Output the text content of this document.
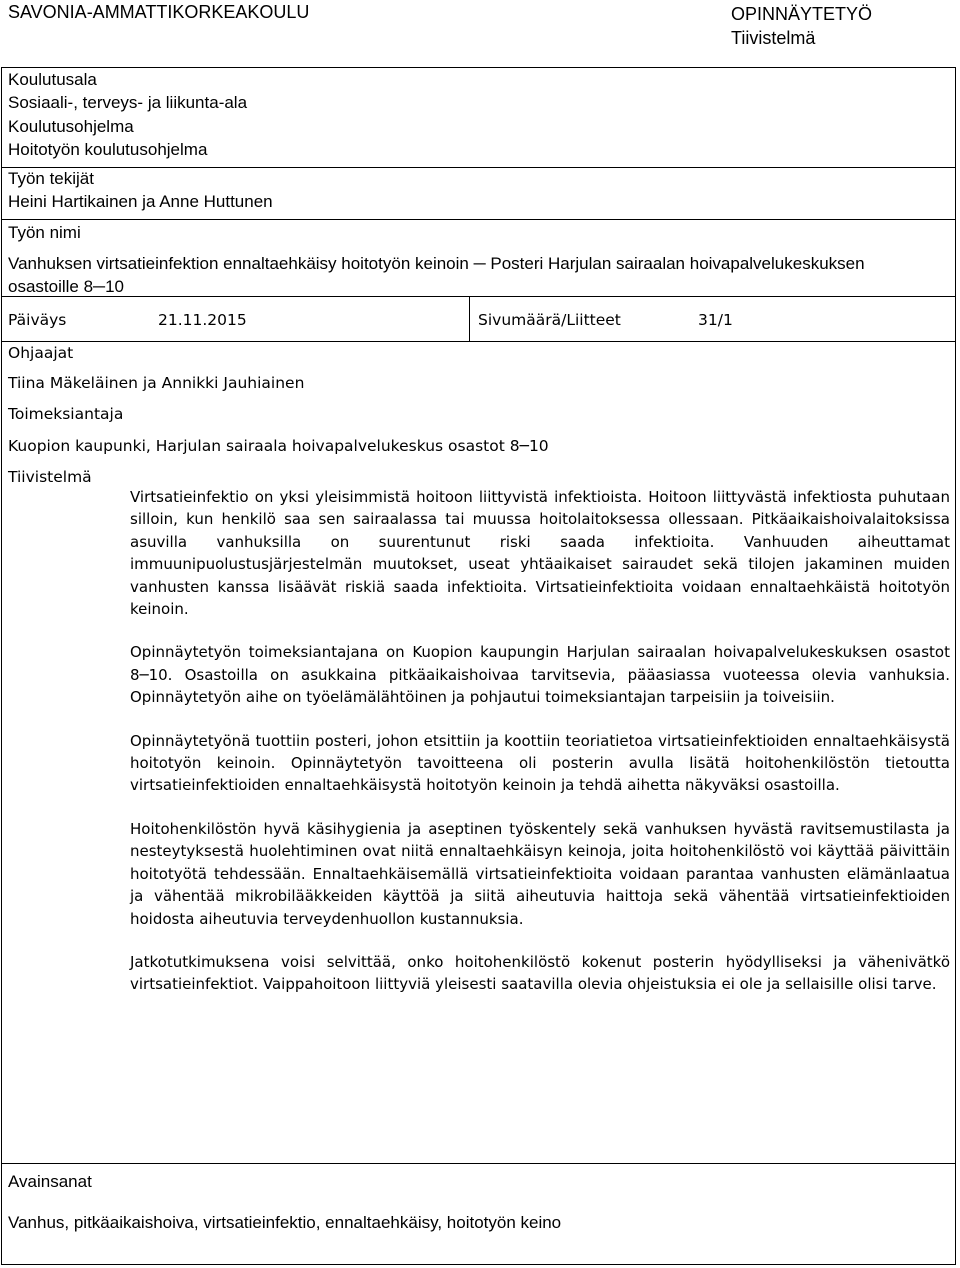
SAVONIA-AMMATTIKORKEAKOULU	OPINNÄYTETYÖ
Tiivistelmä
Koulutusala
Sosiaali-, terveys- ja liikunta-ala
Koulutusohjelma
Hoitotyön koulutusohjelma
Työn tekijät
Heini Hartikainen ja Anne Huttunen
Työn nimi
Vanhuksen virtsatieinfektion ennaltaehkäisy hoitotyön keinoin ─ Posteri Harjulan sairaalan hoivapalvelukeskuksen
osastoille 8─10
Päiväys	21.11.2015	Sivumäärä/Liitteet	31/1
Ohjaajat
Tiina Mäkeläinen ja Annikki Jauhiainen
Toimeksiantaja
Kuopion kaupunki, Harjulan sairaala hoivapalvelukeskus osastot 8─10
Tiivistelmä

Virtsatieinfektio on yksi yleisimmistä hoitoon liittyvistä infektioista. Hoitoon liittyvästä infektiosta puhutaan silloin, kun henkilö saa sen sairaalassa tai muussa hoitolaitoksessa ollessaan. Pitkäaikaishoivalaitoksissa asuvilla vanhuksilla on suurentunut riski saada infektioita. Vanhuuden aiheuttamat immuunipuolustusjärjestelmän muutokset, useat yhtäaikaiset sairaudet sekä tilojen jakaminen muiden vanhusten kanssa lisäävät riskiä saada infektioita. Virtsatieinfektioita voidaan ennaltaehkäistä hoitotyön keinoin.

Opinnäytetyön toimeksiantajana on Kuopion kaupungin Harjulan sairaalan hoivapalvelukeskuksen osastot 8─10. Osastoilla on asukkaina pitkäaikaishoivaa tarvitsevia, pääasiassa vuoteessa olevia vanhuksia. Opinnäytetyön aihe on työelämälähtöinen ja pohjautui toimeksiantajan tarpeisiin ja toiveisiin.

Opinnäytetyönä tuottiin posteri, johon etsittiin ja koottiin teoriatietoa virtsatieinfektioiden ennaltaehkäisystä hoitotyön keinoin. Opinnäytetyön tavoitteena oli posterin avulla lisätä hoitohenkilöstön tietoutta virtsatieinfektioiden ennaltaehkäisystä hoitotyön keinoin ja tehdä aihetta näkyväksi osastoilla.

Hoitohenkilöstön hyvä käsihygienia ja aseptinen työskentely sekä vanhuksen hyvästä ravitsemustilasta ja nesteytyksestä huolehtiminen ovat niitä ennaltaehkäisyn keinoja, joita hoitohenkilöstö voi käyttää päivittäin hoitotyötä tehdessään. Ennaltaehkäisemällä virtsatieinfektioita voidaan parantaa vanhusten elämänlaatua ja vähentää mikrobilääkkeiden käyttöä ja siitä aiheutuvia haittoja sekä vähentää virtsatieinfektioiden hoidosta aiheutuvia terveydenhuollon kustannuksia.

Jatkotutkimuksena voisi selvittää, onko hoitohenkilöstö kokenut posterin hyödylliseksi ja vähenivätkö virtsatieinfektiot. Vaippahoitoon liittyviä yleisesti saatavilla olevia ohjeistuksia ei ole ja sellaisille olisi tarve.

Avainsanat
Vanhus, pitkäaikaishoiva, virtsatieinfektio, ennaltaehkäisy, hoitotyön keino
